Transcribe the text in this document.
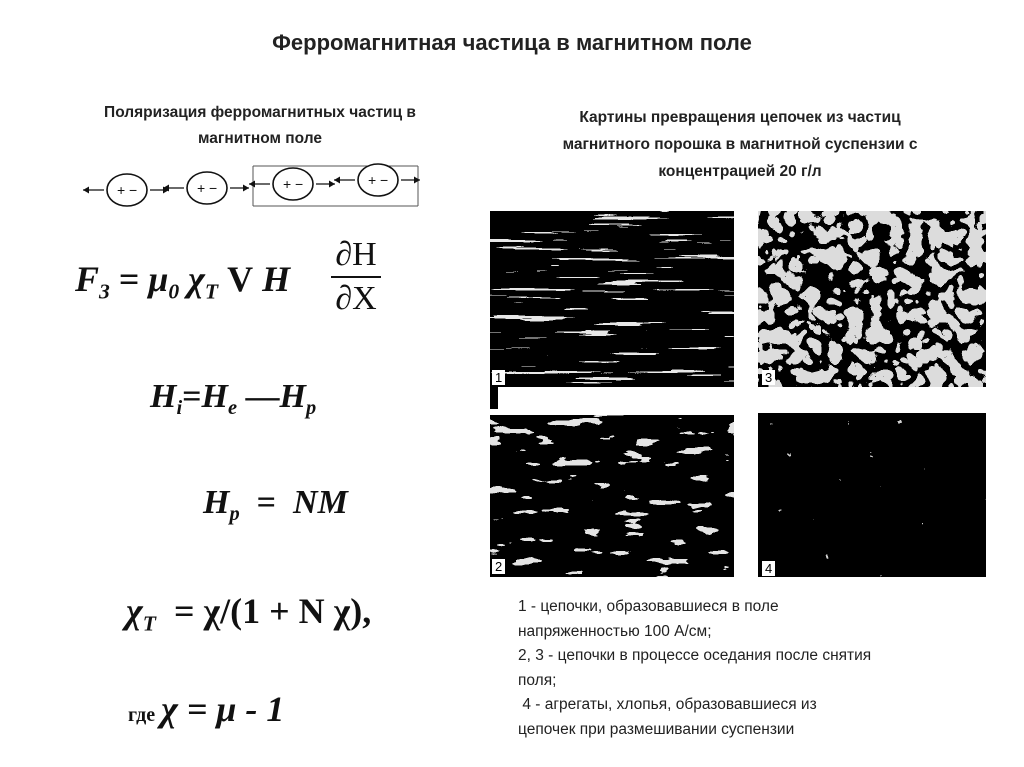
Ферромагнитная частица в магнитном поле
Поляризация ферромагнитных частиц в
магнитном поле
+ −	+ −	+ −	+ −
$F_3 = \mu_0$ $\chi_T$ V H
∂H
∂X
$H_i=H_e$ $—H_p$
$H_p$  =  NM
$\chi_T = \chi/(1 + N$ χ),
где χ = μ - 1
Картины превращения цепочек из частиц
магнитного порошка в магнитной суспензии с
концентрацией 20 г/л
1
2
3
4
1 - цепочки, образовавшиеся в поле
напряженностью 100 А/см;
2, 3 - цепочки в процессе оседания после снятия
поля;
4 - агрегаты, хлопья, образовавшиеся из
цепочек при размешивании суспензии
